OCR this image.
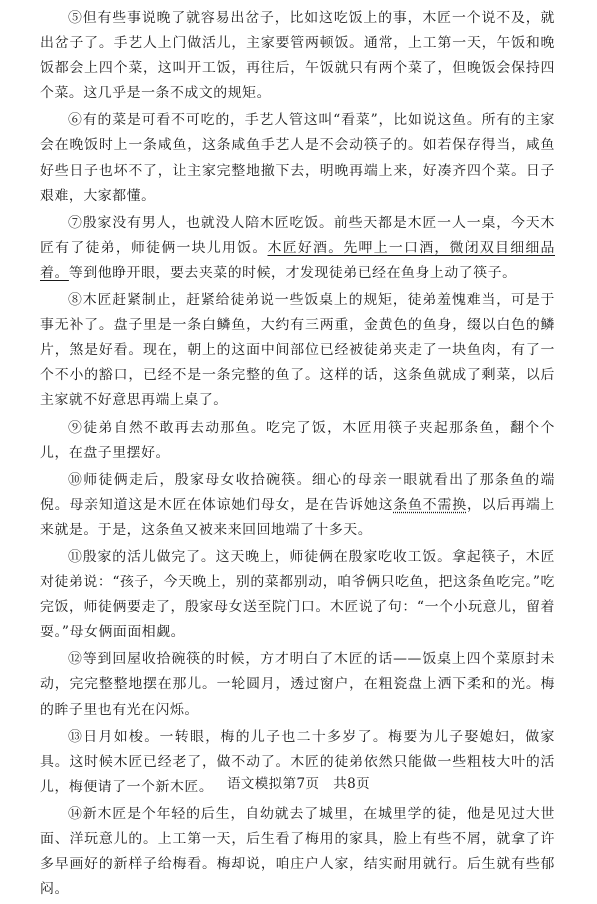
⑤但有些事说晚了就容易出岔子，比如这吃饭上的事，木匠一个说不及，就出岔子了。手艺人上门做活儿，主家要管两顿饭。通常，上工第一天，午饭和晚饭都会上四个菜，这叫开工饭，再往后，午饭就只有两个菜了，但晚饭会保持四个菜。这几乎是一条不成文的规矩。

⑥有的菜是可看不可吃的，手艺人管这叫“看菜”，比如说这鱼。所有的主家会在晚饭时上一条咸鱼，这条咸鱼手艺人是不会动筷子的。如若保存得当，咸鱼好些日子也坏不了，让主家完整地撤下去，明晚再端上来，好凑齐四个菜。日子艰难，大家都懂。

⑦殷家没有男人，也就没人陪木匠吃饭。前些天都是木匠一人一桌，今天木匠有了徒弟，师徒俩一块儿用饭。木匠好酒。先呷上一口酒，微闭双目细细品着。等到他睁开眼，要去夹菜的时候，才发现徒弟已经在鱼身上动了筷子。

⑧木匠赶紧制止，赶紧给徒弟说一些饭桌上的规矩，徒弟羞愧难当，可是于事无补了。盘子里是一条白鳞鱼，大约有三两重，金黄色的鱼身，缀以白色的鳞片，煞是好看。现在，朝上的这面中间部位已经被徒弟夹走了一块鱼肉，有了一个不小的豁口，已经不是一条完整的鱼了。这样的话，这条鱼就成了剩菜，以后主家就不好意思再端上桌了。

⑨徒弟自然不敢再去动那鱼。吃完了饭，木匠用筷子夹起那条鱼，翻个个儿，在盘子里摆好。

⑩师徒俩走后，殷家母女收拾碗筷。细心的母亲一眼就看出了那条鱼的端倪。母亲知道这是木匠在体谅她们母女，是在告诉她这条鱼不需换，以后再端上来就是。于是，这条鱼又被来来回回地端了十多天。

⑪殷家的活儿做完了。这天晚上，师徒俩在殷家吃收工饭。拿起筷子，木匠对徒弟说：“孩子，今天晚上，别的菜都别动，咱爷俩只吃鱼，把这条鱼吃完。”吃完饭，师徒俩要走了，殷家母女送至院门口。木匠说了句：“一个小玩意儿，留着耍。”母女俩面面相觑。

⑫等到回屋收拾碗筷的时候，方才明白了木匠的话——饭桌上四个菜原封未动，完完整整地摆在那儿。一轮圆月，透过窗户，在粗瓷盘上洒下柔和的光。梅的眸子里也有光在闪烁。

⑬日月如梭。一转眼，梅的儿子也二十多岁了。梅要为儿子娶媳妇，做家具。这时候木匠已经老了，做不动了。木匠的徒弟依然只能做一些粗枝大叶的活儿，梅便请了一个新木匠。

⑭新木匠是个年轻的后生，自幼就去了城里，在城里学的徒，他是见过大世面、洋玩意儿的。上工第一天，后生看了梅用的家具，脸上有些不屑，就拿了许多早画好的新样子给梅看。梅却说，咱庄户人家，结实耐用就行。后生就有些郁闷。

语文模拟第7页　共8页
